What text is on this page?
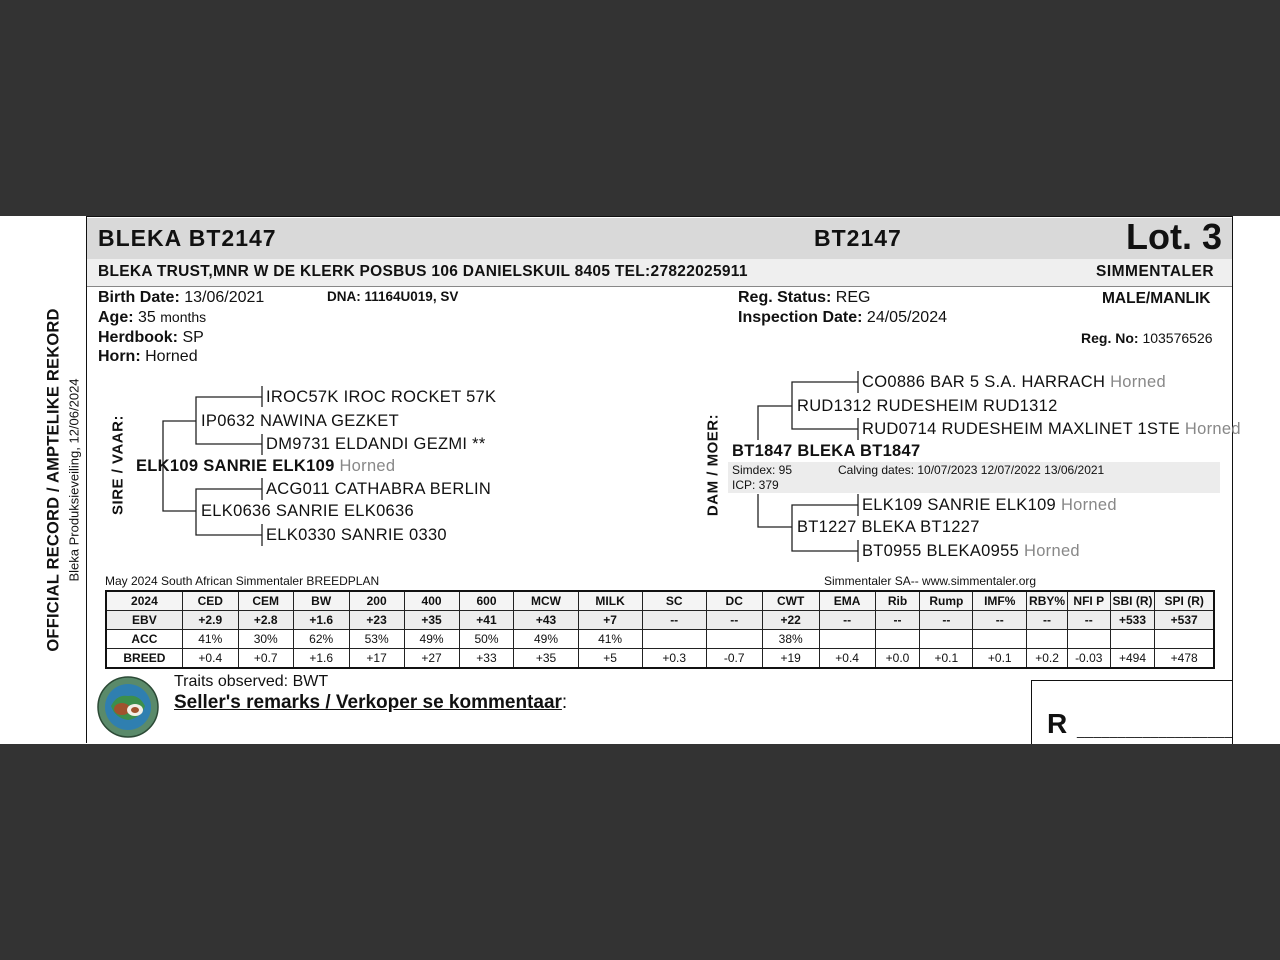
OFFICIAL RECORD / AMPTELIKE REKORD Bleka Produksieveiling, 12/06/2024
BLEKA BT2147	BT2147	Lot. 3
BLEKA TRUST,MNR W DE KLERK POSBUS 106 DANIELSKUIL 8405 TEL:27822025911	SIMMENTALER
Birth Date: 13/06/2021	DNA: 11164U019, SV
Age: 35 months
Herdbook: SP
Horn: Horned
Reg. Status: REG
Inspection Date: 24/05/2024
MALE/MANLIK
Reg. No: 103576526
SIRE / VAAR:
IROC57K IROC ROCKET 57K
IP0632 NAWINA GEZKET
DM9731 ELDANDI GEZMI **
ELK109 SANRIE ELK109 Horned
ACG011 CATHABRA BERLIN
ELK0636 SANRIE ELK0636
ELK0330 SANRIE 0330
DAM / MOER:
CO0886 BAR 5 S.A. HARRACH Horned
RUD1312 RUDESHEIM RUD1312
RUD0714 RUDESHEIM MAXLINET 1STE Horned
BT1847 BLEKA BT1847
Simdex: 95	Calving dates: 10/07/2023 12/07/2022 13/06/2021
ICP: 379
ELK109 SANRIE ELK109 Horned
BT1227 BLEKA BT1227
BT0955 BLEKA0955 Horned
May 2024 South African Simmentaler BREEDPLAN	Simmentaler SA-- www.simmentaler.org
2024	CED	CEM	BW	200	400	600	MCW	MILK	SC	DC	CWT	EMA	Rib	Rump	IMF%	RBY%	NFI P	SBI (R)	SPI (R)
EBV	+2.9	+2.8	+1.6	+23	+35	+41	+43	+7	--	--	+22	--	--	--	--	--	--	+533	+537
ACC	41%	30%	62%	53%	49%	50%	49%	41%			38%								
BREED	+0.4	+0.7	+1.6	+17	+27	+33	+35	+5	+0.3	-0.7	+19	+0.4	+0.0	+0.1	+0.1	+0.2	-0.03	+494	+478
Traits observed: BWT
Seller's remarks / Verkoper se kommentaar:
R ___________________
